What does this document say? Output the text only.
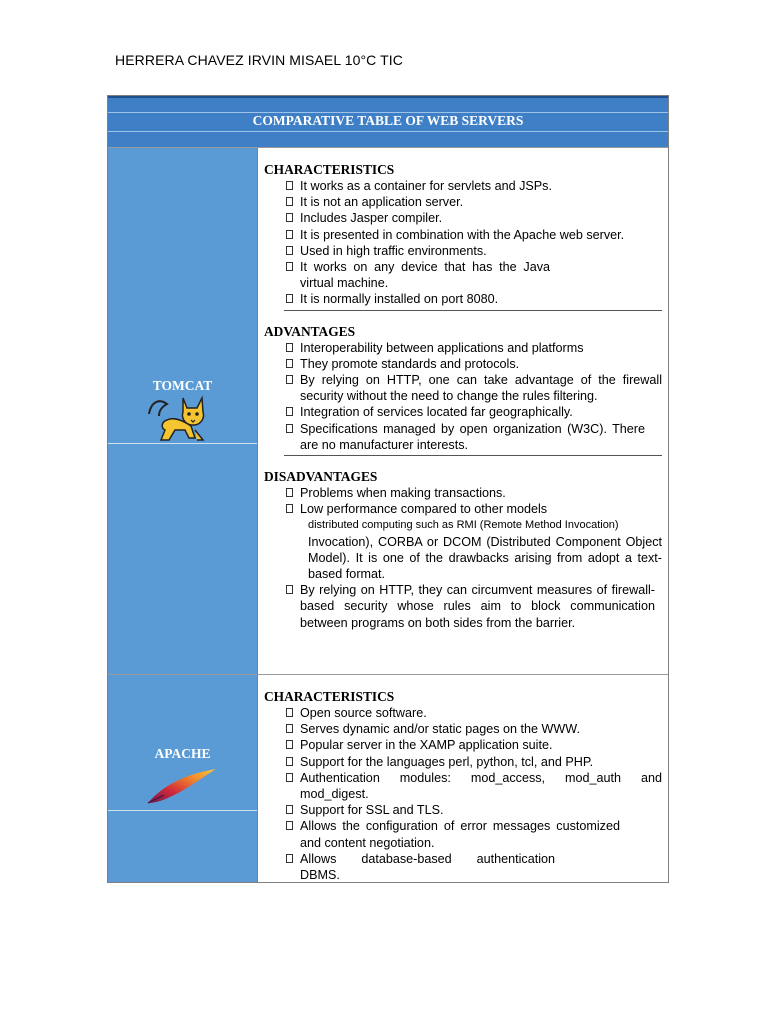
HERRERA CHAVEZ IRVIN MISAEL 10°C TIC
COMPARATIVE TABLE OF WEB SERVERS
TOMCAT
CHARACTERISTICS
It works as a container for servlets and JSPs.
It is not an application server.
Includes Jasper compiler.
It is presented in combination with the Apache web server.
Used in high traffic environments.
It works on any device that has the Java virtual machine.
It is normally installed on port 8080.
ADVANTAGES
Interoperability between applications and platforms
They promote standards and protocols.
By relying on HTTP, one can take advantage of the firewall security without the need to change the rules filtering.
Integration of services located far geographically.
Specifications managed by open organization (W3C). There are no manufacturer interests.
DISADVANTAGES
Problems when making transactions.
Low performance compared to other models
distributed computing such as RMI (Remote Method Invocation)
Invocation), CORBA or DCOM (Distributed Component Object Model). It is one of the drawbacks arising from adopt a text-based format.
By relying on HTTP, they can circumvent measures of firewall-based security whose rules aim to block communication between programs on both sides from the barrier.
APACHE
CHARACTERISTICS
Open source software.
Serves dynamic and/or static pages on the WWW.
Popular server in the XAMP application suite.
Support for the languages perl, python, tcl, and PHP.
Authentication modules: mod_access, mod_auth and mod_digest.
Support for SSL and TLS.
Allows the configuration of error messages customized and content negotiation.
Allows database-based authentication DBMS.
